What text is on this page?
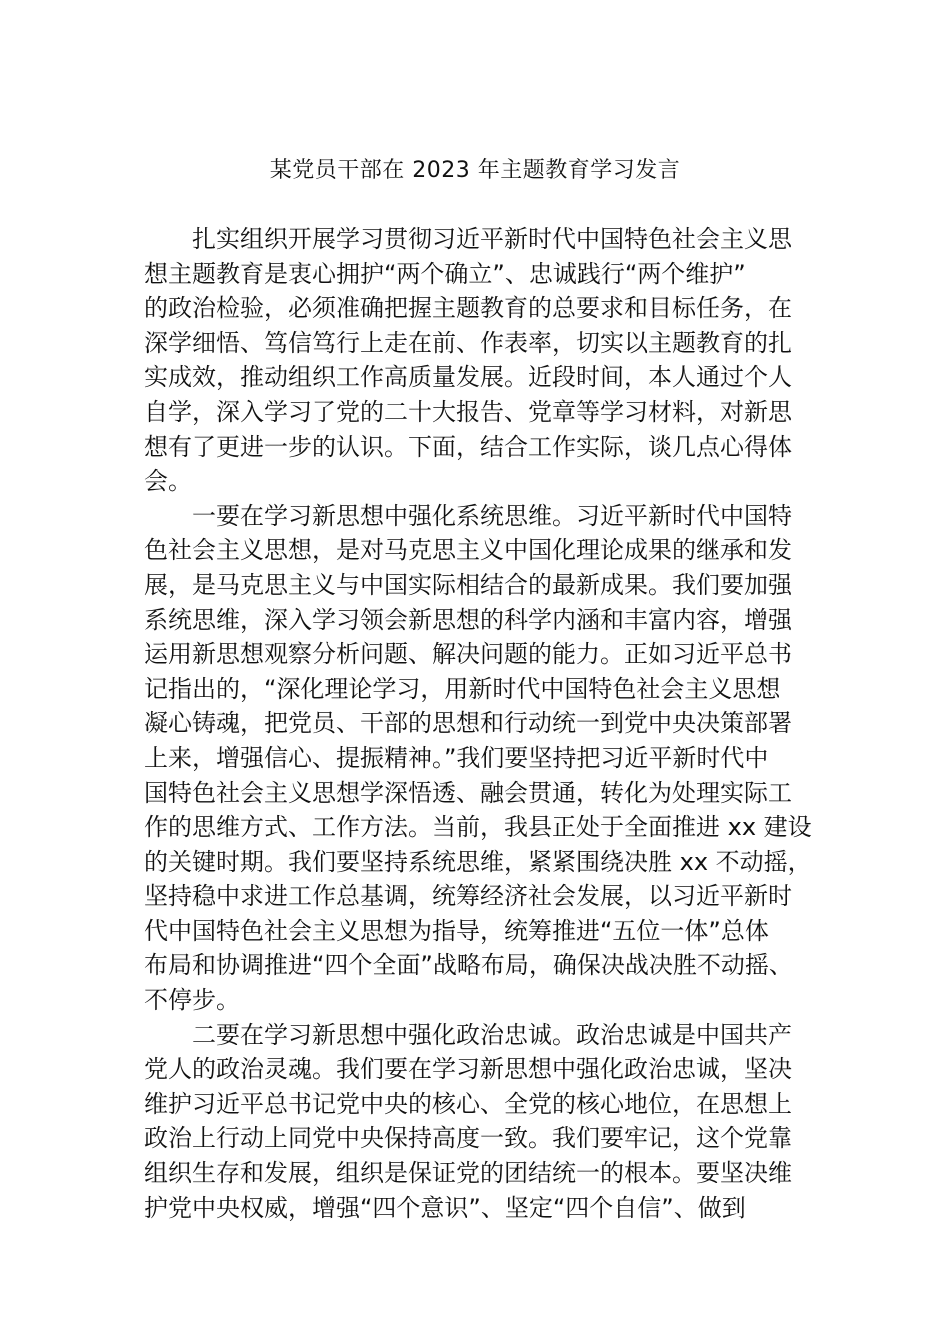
某党员干部在 2023 年主题教育学习发言
扎实组织开展学习贯彻习近平新时代中国特色社会主义思
想主题教育是衷心拥护“两个确立”、忠诚践行“两个维护”
的政治检验，必须准确把握主题教育的总要求和目标任务，在
深学细悟、笃信笃行上走在前、作表率，切实以主题教育的扎
实成效，推动组织工作高质量发展。近段时间，本人通过个人
自学，深入学习了党的二十大报告、党章等学习材料，对新思
想有了更进一步的认识。下面，结合工作实际，谈几点心得体
会。
一要在学习新思想中强化系统思维。习近平新时代中国特
色社会主义思想，是对马克思主义中国化理论成果的继承和发
展，是马克思主义与中国实际相结合的最新成果。我们要加强
系统思维，深入学习领会新思想的科学内涵和丰富内容，增强
运用新思想观察分析问题、解决问题的能力。正如习近平总书
记指出的，“深化理论学习，用新时代中国特色社会主义思想
凝心铸魂，把党员、干部的思想和行动统一到党中央决策部署
上来，增强信心、提振精神。”我们要坚持把习近平新时代中
国特色社会主义思想学深悟透、融会贯通，转化为处理实际工
作的思维方式、工作方法。当前，我县正处于全面推进 xx 建设
的关键时期。我们要坚持系统思维，紧紧围绕决胜 xx 不动摇，
坚持稳中求进工作总基调，统筹经济社会发展，以习近平新时
代中国特色社会主义思想为指导，统筹推进“五位一体”总体
布局和协调推进“四个全面”战略布局，确保决战决胜不动摇、
不停步。
二要在学习新思想中强化政治忠诚。政治忠诚是中国共产
党人的政治灵魂。我们要在学习新思想中强化政治忠诚，坚决
维护习近平总书记党中央的核心、全党的核心地位，在思想上
政治上行动上同党中央保持高度一致。我们要牢记，这个党靠
组织生存和发展，组织是保证党的团结统一的根本。要坚决维
护党中央权威，增强“四个意识”、坚定“四个自信”、做到
